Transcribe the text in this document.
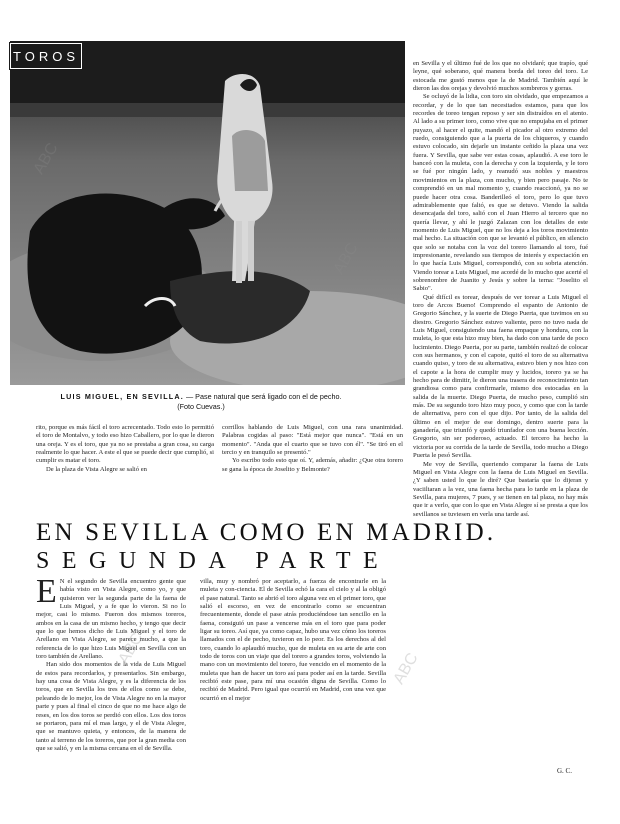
TOROS
LUIS MIGUEL, EN SEVILLA. — Pase natural que será ligado con el de pecho.
(Foto Cuevas.)

en Sevilla y el último fué de los que no olvidaré; que trapío, qué leyne, qué soberano, qué manera borda del toreo del toro. Le estocada me gustó menos que la de Madrid. También aquí le dieron las dos orejas y devolvió muchos sombreros y gorras.

Se ocluyó de la lidia, con toro sin olvidado, que empezamos a recordar, y de lo que tan necesitados estamos, para que los recordes de toreo tengan reposo y ser sin distraídos en el atento. Al lado a su primer toro, como vive que no empujaba en el primer puyazo, al hacer el quite, mandó el picador al otro extremo del ruedo, consiguiendo que a la puerta de los chiqueros, y cuando estuvo colocado, sin dejarle un instante ceñido la plaza una vez fuera. Y Sevilla, que sabe ver estas cosas, aplaudió. A ese toro le banceó con la muleta, con la derecha y con la izquierda, y le toro se fué por ningún lado, y reanudó sus nobles y maestros movimientos en la plaza, con mucho, y bien pero pasaje. No te comprendió en un mal momento y, cuando reaccionó, ya no se puede hacer otra cosa. Banderilleó el toro, pero lo que tuvo admirablemente que faltó, es que se detuvo. Viendo la salida desencajada del toro, salió con el Juan Hierro al tercero que no quería llevar, y ahí le juzgó Zalazan con los detalles de este momento de Luis Miguel, que no los deja a los toros movimiento mal hecho. La situación con que se levantó el público, en silencio que solo se notaba con la voz del torero llamando al toro, fué impresionante, revelando sus tiempos de interés y expectación en lo que hacía Luis Miguel, correspondió, con su sobria atención. Viendo torear a Luis Miguel, me acordé de lo mucho que acerté el sobrenombre de Juanito y Jesús y sobre la terna: "Joselito el Sabio".

Qué difícil es torear, después de ver torear a Luis Miguel el toro de Arcos Bueno! Comprendo el espanto de Antonio de Gregorio Sánchez, y la suerte de Diego Puerta, que tuvimos en su diestro. Gregorio Sánchez estuvo valiente, pero no tuvo nada de Luis Miguel, consiguiendo una faena empaque y hondura, con la muleta, lo que esta hizo muy bien, ha dado con una tarde de poco lucimiento. Diego Puerta, por su parte, también realizó de colocar con sus hermanos, y con el capote, quitó el toro de su alternativa cuando quiso, y toro de su alternativa, estuvo bien y nos hizo con el capote a la hora de cumplir muy y lucidos, torero ya se ha hecho para de dimitir, le dieron una trasera de reconocimiento tan grandiosa como para confirmarle, mismo dos estocadas en la salida de la muerte. Diego Puerta, de mucho peso, cumplió sin más. De su segundo toro hizo muy poco, y como que con la tarde de alternativa, pero con el que dijo. Por tanto, de la salida del último en el mejor de ese domingo, dentro suerte para la ganadería, que triunfó y quedó triunfador con una buena lección. Gregorio, sin ser poderoso, actuado. El tercero ha hecho la victoria por su corrida de la tarde de Sevilla, todo mucho a Diego Puerta le pesó Sevilla.

Me voy de Sevilla, queriendo comparar la faena de Luis Miguel en Vista Alegre con la faena de Luis Miguel en Sevilla. ¿Y saben usted lo que le diré? Que bastaría que lo dijeran y vaciiltaran a la vez, una faena hecha para lo tarde en la plaza de Sevilla, para mujeres, 7 pues, y se tienen en tal plaza, no hay más que ir a verlo, que con lo que en Vista Alegre sí se presta a que los sevillanos se tuviesen en verla una tarde así.

rito, porque es más fácil el toro acrecentado. Todo esto lo permitió el toro de Montalvo, y todo eso hizo Caballero, por lo que le dieron una oreja. Y es el toro, que ya no se prestaba a gran cosa, su carga realmente lo que hacer. A este el que se puede decir que cumplió, si cumplir es matar el toro.

De la plaza de Vista Alegre se salió en

corrillos hablando de Luis Miguel, con una rara unanimidad. Palabras cogidas al paso: "Está mejor que nunca". "Está en un momento". "Anda que el cuarto que se tuvo con él". "Se tiró en el tercio y en tranquilo se presentó."

Yo escribo todo esto que oí. Y, además, añadir: ¿Que otra torero se gana la época de Joselito y Belmonte?

EN SEVILLA COMO EN MADRID.
SEGUNDA PARTE

E N el segundo de Sevilla encuentro gente que había visto en Vista Alegre, como yo, y que quisieron ver la segunda parte de la faena de Luis Miguel, y a fe que lo vieron. Si no lo mejor, casi lo mismo. Fueron dos mismos toreros, ambos en la casa de un mismo hecho, y tengo que decir que lo que hemos dicho de Luis Miguel y el toro de Arellano en Vista Alegre, se parece mucho, a que la referencia de lo que hizo Luis Miguel en Sevilla con un toro también de Arellano.

Han sido dos momentos de la vida de Luis Miguel de estos para recordarlos, y presentarlos. Sin embargo, hay una cosa de Vista Alegre, y es la diferencia de los toros, que en Sevilla los tres de ellos como se debe, peleando de lo mejor, los de Vista Alegre no en la mayor parte y pues al final el cinco de que no me hace algo de reses, en los dos toros se perdió con ellos. Los dos toros se portaron, para mí el mas largo, y el de Vista Alegre, que se mantuvo quieta, y entonces, de la manera de tanto al terreno de los toreros, que por la gran media con que se salió, y en la misma cercana en el de Sevilla.

villa, muy y nombró por aceptarlo, a fuerza de encontrarle en la muleta y con-ciencia. El de Sevilla echó la cara el cielo y al la obligó el pase natural. Tanto se abrió el toro alguna vez en el primer toro, que salió el escorso, en vez de encontrarlo como se encuentran frecuentemente, donde el pase atrás produciéndose tan sencillo en la faena, consiguió un pase a vencerse más en el toro que para poder ligar su toreo. Así que, ya como capaz, hubo una vez cómo los toreros llamados con el de pecho, tuvieron en lo peor. Es los derechos al del toro, cuando lo aplaudió mucho, que de muleta en su arte de arte con todo de toros con un viaje que del torero a grandes toros, volviendo la mano con un movimiento del torero, fue vencido en el momento de la muleta que han de hacer un toro así para poder así en la tarde. Sevilla recibió este pase, para mí una ocasión digna de Sevilla. Como lo recibió de Madrid. Pero igual que ocurrió en Madrid, con una vez que ocurrió en el mejor

G. C.
ABC
ABC
ABC
ABC
